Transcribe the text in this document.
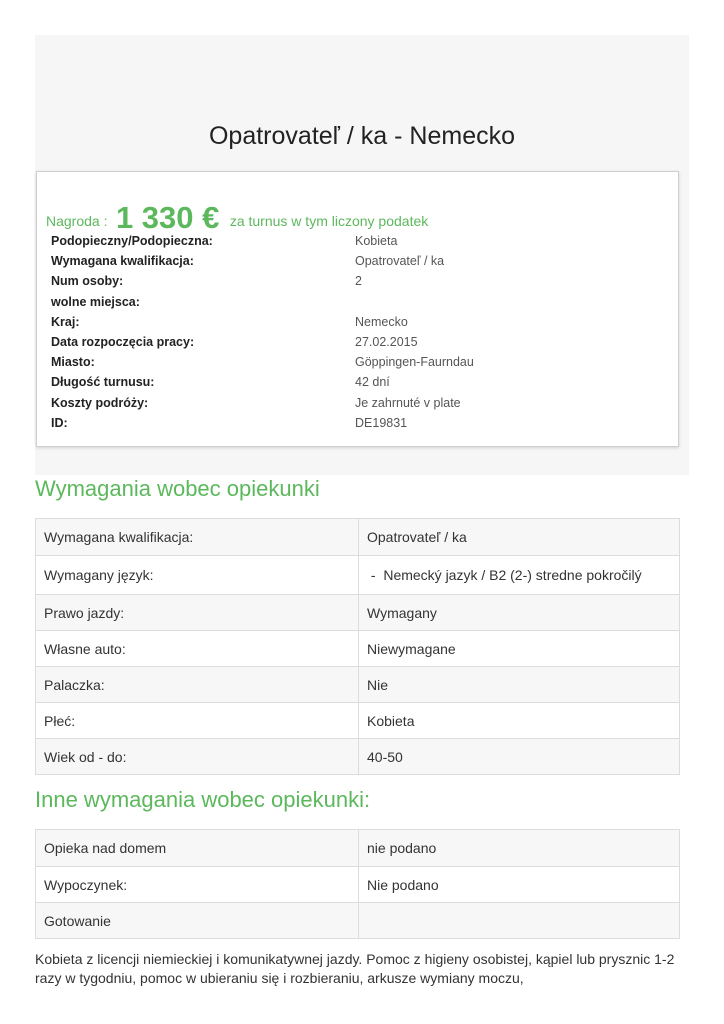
Opatrovateľ / ka - Nemecko
Nagroda : 1 330 € za turnus w tym liczony podatek
Podopieczny/Podopieczna:	Kobieta
Wymagana kwalifikacja:	Opatrovateľ / ka
Num osoby:	2
wolne miejsca:
Kraj:	Nemecko
Data rozpoczęcia pracy:	27.02.2015
Miasto:	Göppingen-Faurndau
Długość turnusu:	42 dní
Koszty podróży:	Je zahrnuté v plate
ID:	DE19831
Wymagania wobec opiekunki
Wymagana kwalifikacja:	Opatrovateľ / ka
Wymagany język:	-  Nemecký jazyk / B2 (2-) stredne pokročilý
Prawo jazdy:	Wymagany
Własne auto:	Niewymagane
Palaczka:	Nie
Płeć:	Kobieta
Wiek od - do:	40-50
Inne wymagania wobec opiekunki:
Opieka nad domem	nie podano
Wypoczynek:	Nie podano
Gotowanie	

Kobieta z licencji niemieckiej i komunikatywnej jazdy. Pomoc z higieny osobistej, kąpiel lub prysznic 1-2 razy w tygodniu, pomoc w ubieraniu się i rozbieraniu, arkusze wymiany moczu,
